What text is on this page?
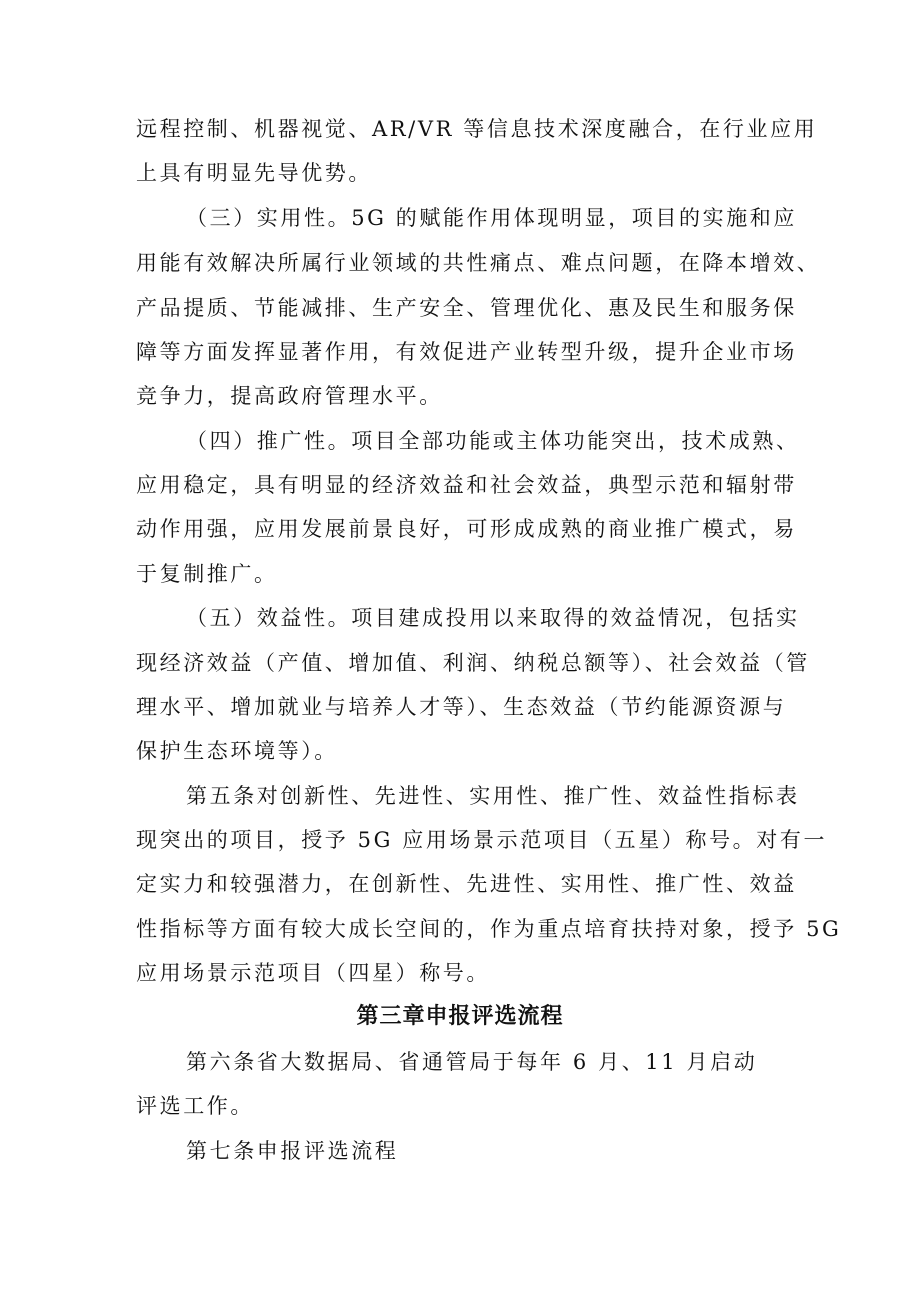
远程控制、机器视觉、AR/VR 等信息技术深度融合，在行业应用
上具有明显先导优势。
（三）实用性。5G 的赋能作用体现明显，项目的实施和应
用能有效解决所属行业领域的共性痛点、难点问题，在降本增效、
产品提质、节能减排、生产安全、管理优化、惠及民生和服务保
障等方面发挥显著作用，有效促进产业转型升级，提升企业市场
竞争力，提高政府管理水平。
（四）推广性。项目全部功能或主体功能突出，技术成熟、
应用稳定，具有明显的经济效益和社会效益，典型示范和辐射带
动作用强，应用发展前景良好，可形成成熟的商业推广模式，易
于复制推广。
（五）效益性。项目建成投用以来取得的效益情况，包括实
现经济效益（产值、增加值、利润、纳税总额等）、社会效益（管
理水平、增加就业与培养人才等）、生态效益（节约能源资源与
保护生态环境等）。
第五条对创新性、先进性、实用性、推广性、效益性指标表
现突出的项目，授予 5G 应用场景示范项目（五星）称号。对有一
定实力和较强潜力，在创新性、先进性、实用性、推广性、效益
性指标等方面有较大成长空间的，作为重点培育扶持对象，授予 5G
应用场景示范项目（四星）称号。
第三章申报评选流程
第六条省大数据局、省通管局于每年 6 月、11 月启动
评选工作。
第七条申报评选流程
